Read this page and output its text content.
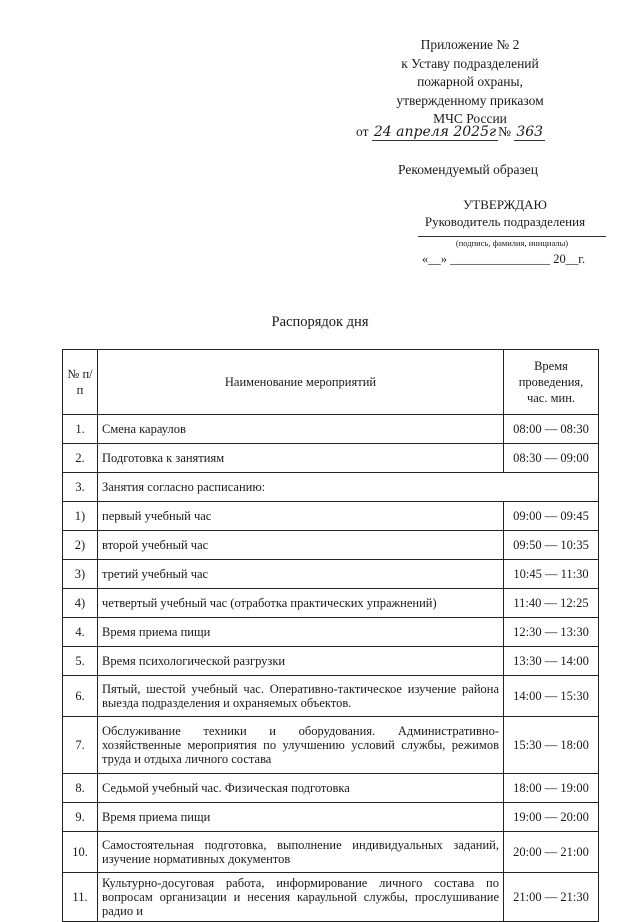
Приложение № 2
к Уставу подразделений
пожарной охраны,
утвержденному приказом
МЧС России
от 24 апреля 2025г № 363
Рекомендуемый образец
УТВЕРЖДАЮ
Руководитель подразделения
(подпись, фамилия, инициалы)
«__» ________________ 20__г.
Распорядок дня
№ п/п	Наименование мероприятий	Время проведения, час. мин.
1.	Смена караулов	08:00 — 08:30
2.	Подготовка к занятиям	08:30 — 09:00
3.	Занятия согласно расписанию:	
1)	первый учебный час	09:00 — 09:45
2)	второй учебный час	09:50 — 10:35
3)	третий учебный час	10:45 — 11:30
4)	четвертый учебный час (отработка практических упражнений)	11:40 — 12:25
4.	Время приема пищи	12:30 — 13:30
5.	Время психологической разгрузки	13:30 — 14:00
6.	Пятый, шестой учебный час. Оперативно-тактическое изучение района выезда подразделения и охраняемых объектов.	14:00 — 15:30
7.	Обслуживание техники и оборудования. Административно-хозяйственные мероприятия по улучшению условий службы, режимов труда и отдыха личного состава	15:30 — 18:00
8.	Седьмой учебный час. Физическая подготовка	18:00 — 19:00
9.	Время приема пищи	19:00 — 20:00
10.	Самостоятельная подготовка, выполнение индивидуальных заданий, изучение нормативных документов	20:00 — 21:00
11.	Культурно-досуговая работа, информирование личного состава по вопросам организации и несения караульной службы, прослушивание радио и	21:00 — 21:30
